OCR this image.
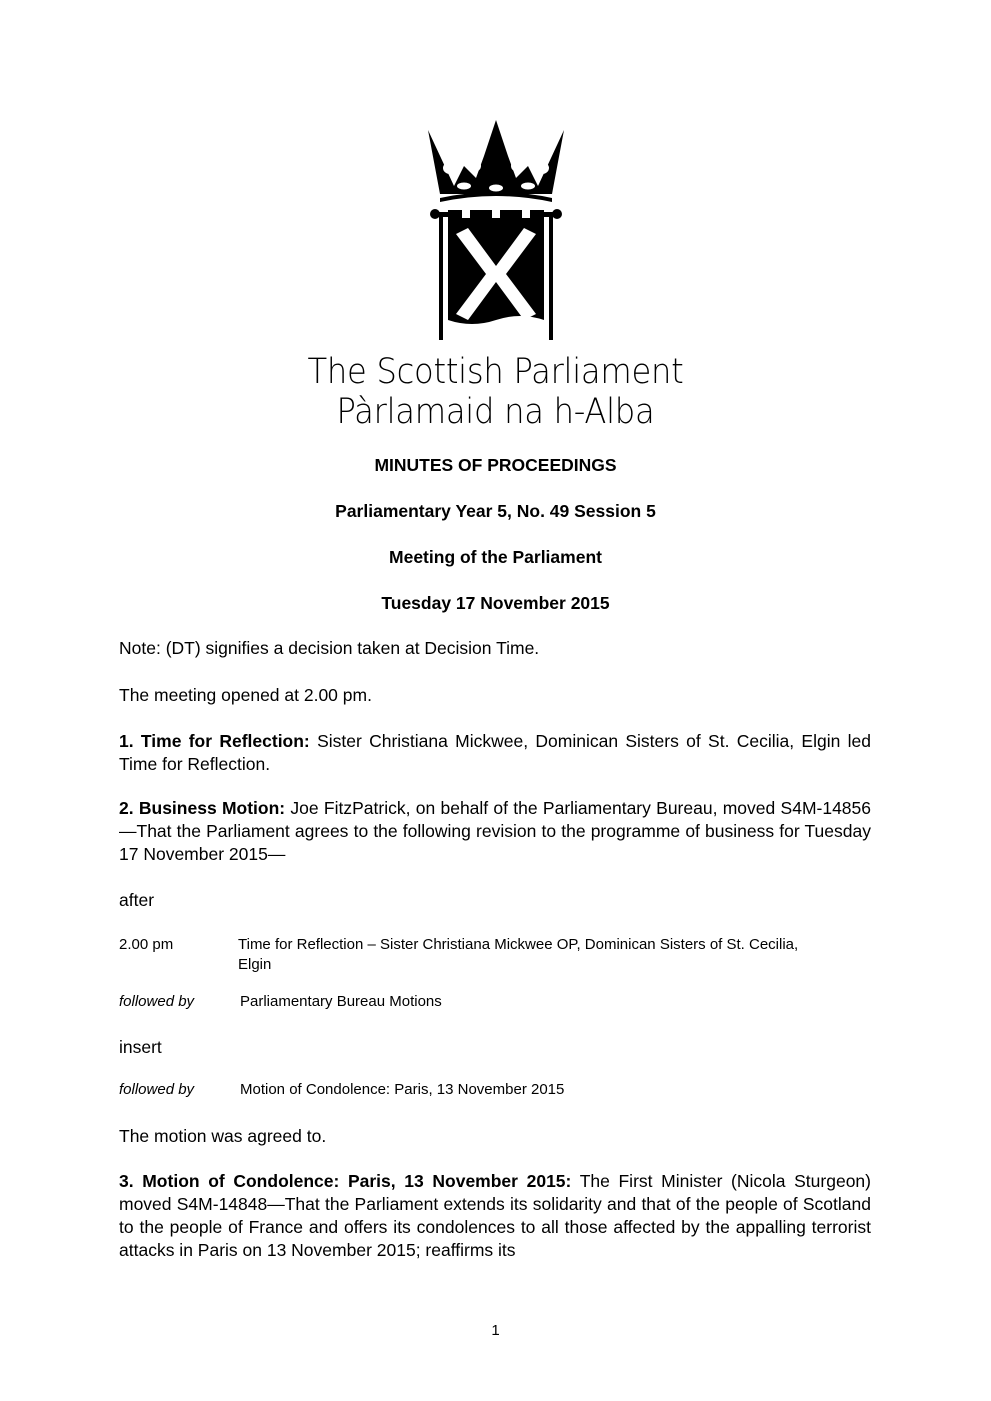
The Scottish Parliament
Pàrlamaid na h-Alba
MINUTES OF PROCEEDINGS
Parliamentary Year 5, No. 49 Session 5
Meeting of the Parliament
Tuesday 17 November 2015
Note: (DT) signifies a decision taken at Decision Time.
The meeting opened at 2.00 pm.
1. Time for Reflection: Sister Christiana Mickwee, Dominican Sisters of St. Cecilia, Elgin led Time for Reflection.
2. Business Motion: Joe FitzPatrick, on behalf of the Parliamentary Bureau, moved S4M-14856—That the Parliament agrees to the following revision to the programme of business for Tuesday 17 November 2015—
after
2.00 pm	Time for Reflection – Sister Christiana Mickwee OP, Dominican Sisters of St. Cecilia,
Elgin
followed by	Parliamentary Bureau Motions
insert
followed by	Motion of Condolence: Paris, 13 November 2015
The motion was agreed to.
3. Motion of Condolence: Paris, 13 November 2015: The First Minister (Nicola Sturgeon) moved S4M-14848—That the Parliament extends its solidarity and that of the people of Scotland to the people of France and offers its condolences to all those affected by the appalling terrorist attacks in Paris on 13 November 2015; reaffirms its
1
